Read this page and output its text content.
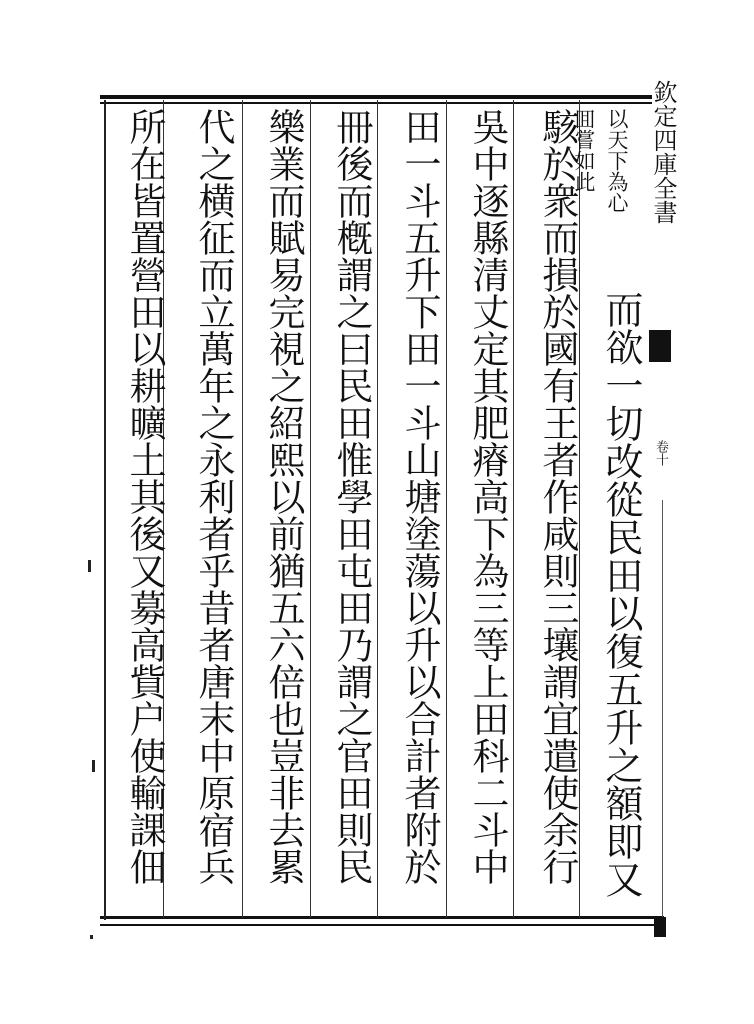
欽定四庫全書
卷十
以天下為心
囬嘗如此
而欲一切改從民田以復五升之額即又
駭於衆而損於國有王者作咸則三壤謂宜遣使余行
吳中逐縣清丈定其肥瘠高下為三等上田科二斗中
田一斗五升下田一斗山塘塗蕩以升以合計者附於
冊後而槪謂之曰民田惟學田屯田乃謂之官田則民
樂業而賦易完視之紹熙以前猶五六倍也豈非去累
代之横征而立萬年之永利者乎昔者唐末中原宿兵
所在皆置營田以耕曠土其後又募高貲户使輸課佃
